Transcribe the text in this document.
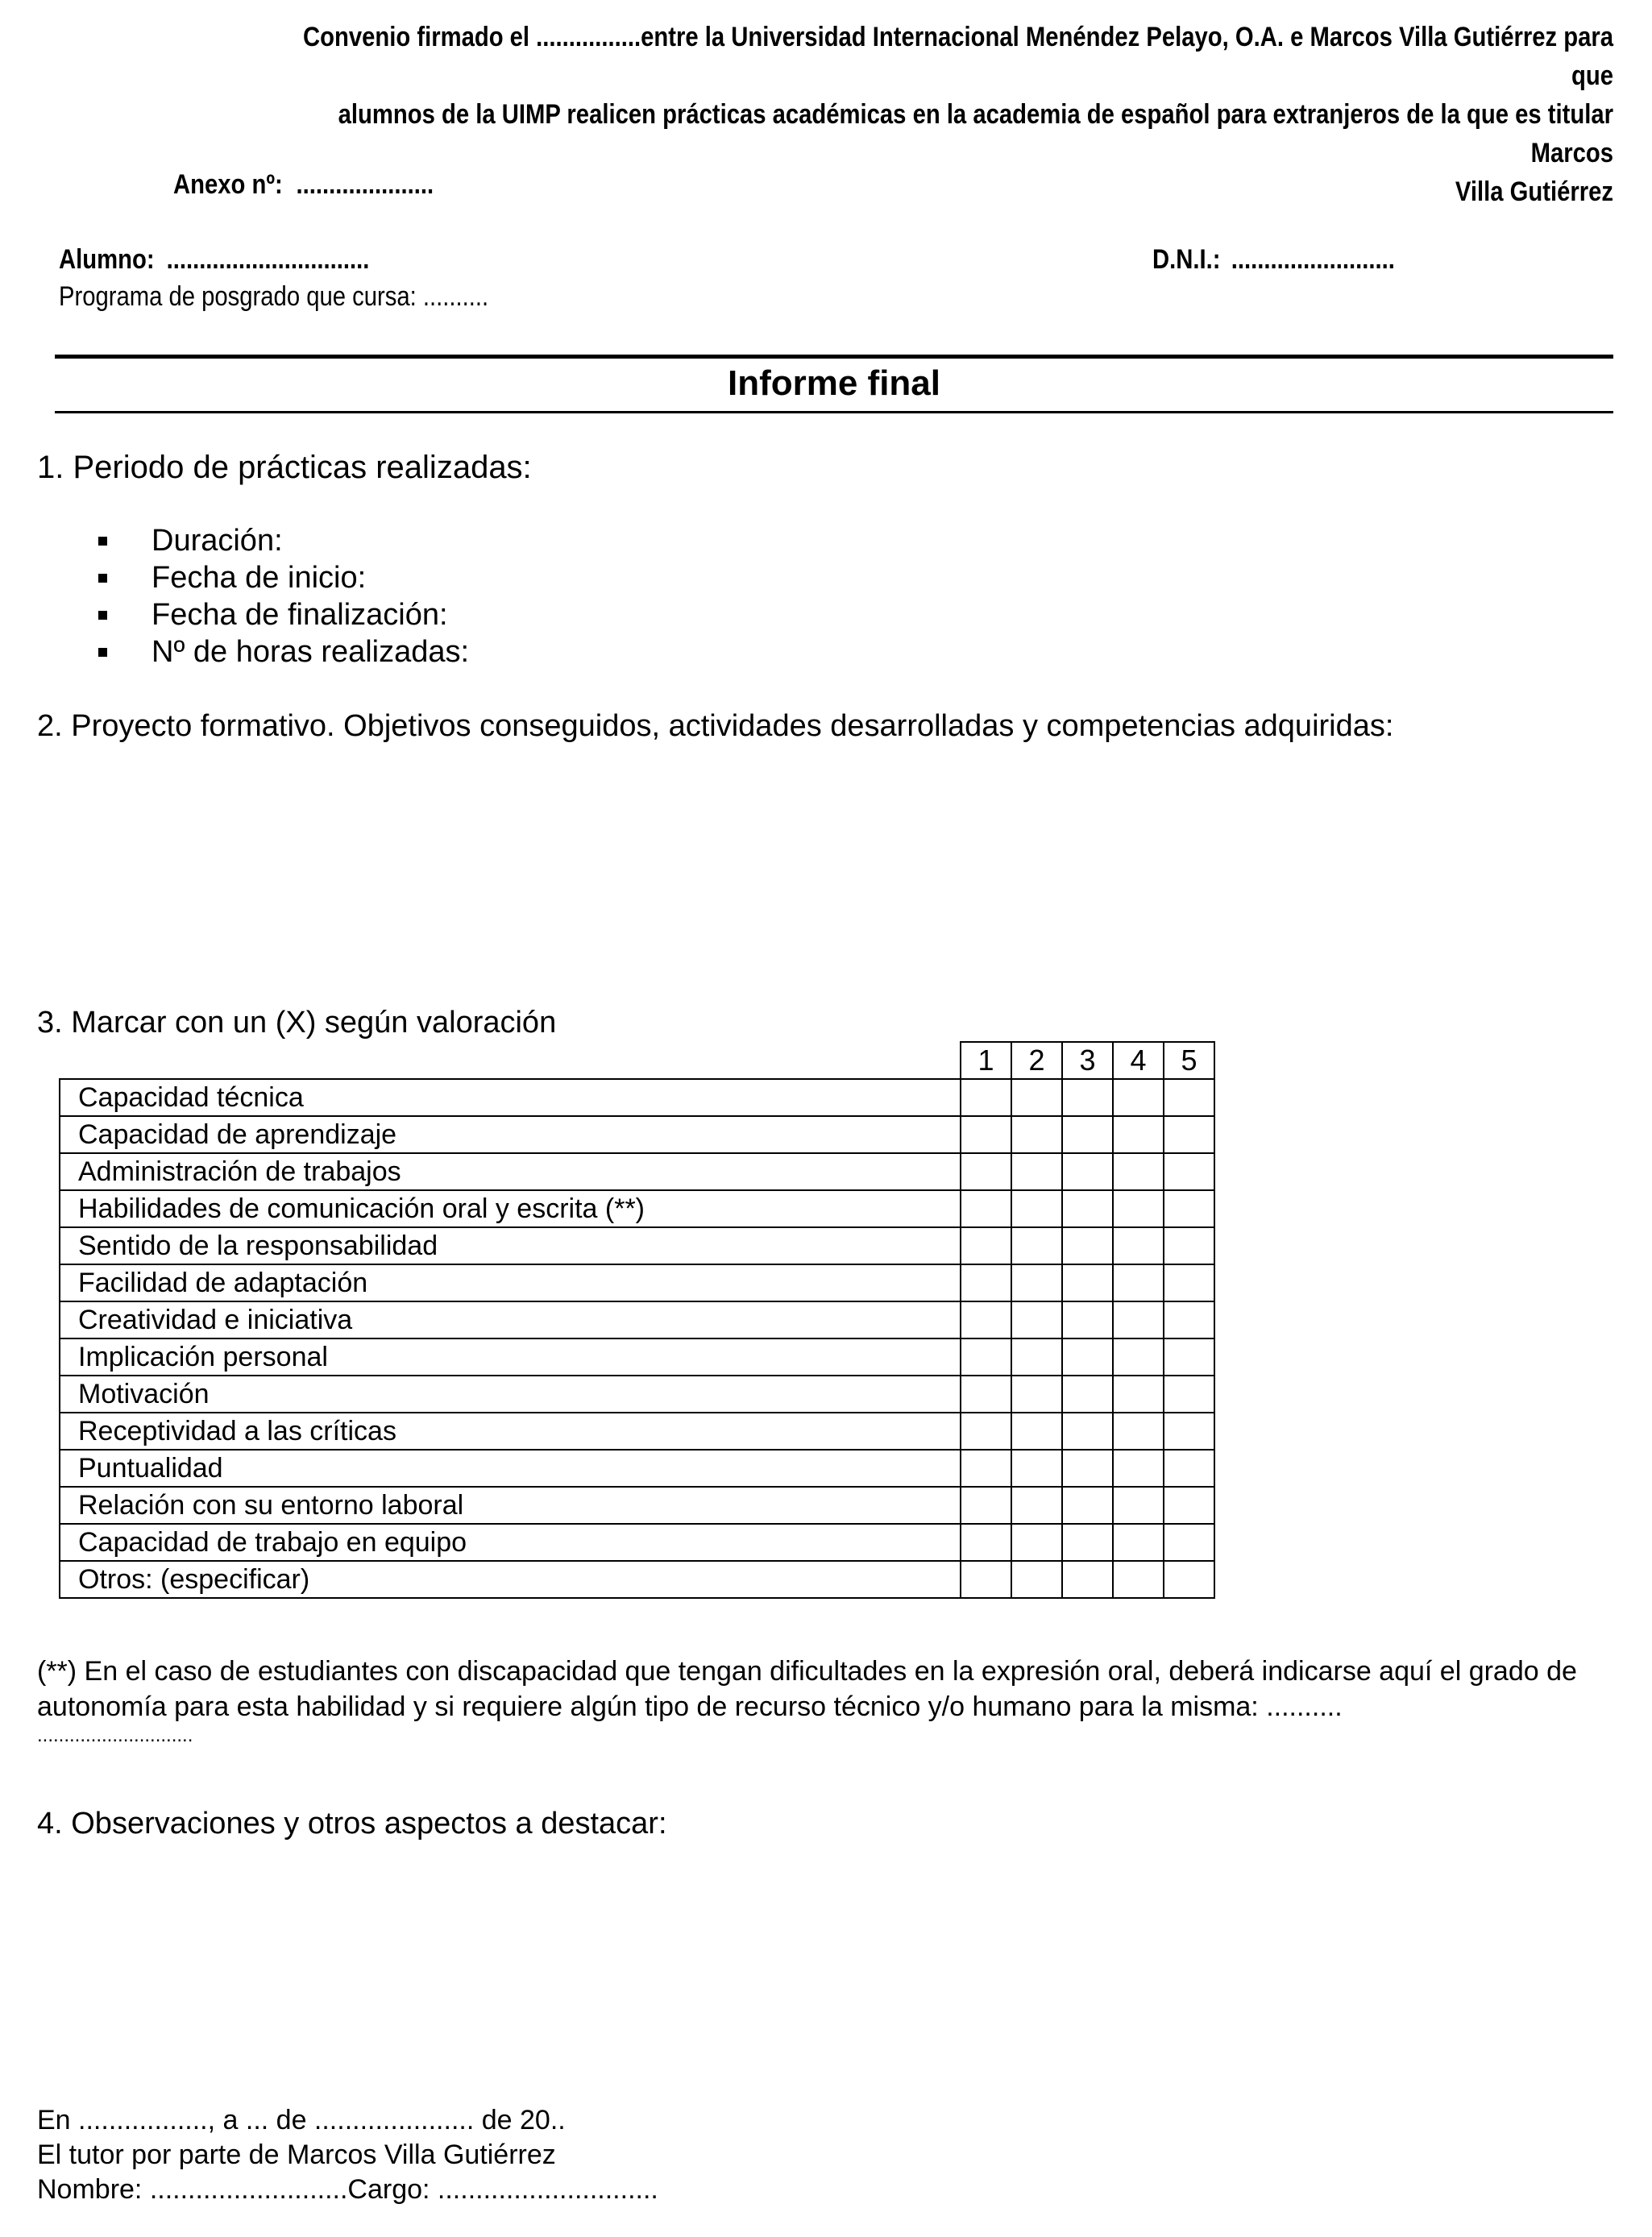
Convenio firmado el ................entre la Universidad Internacional Menéndez Pelayo, O.A. e Marcos Villa Gutiérrez para que
alumnos de la UIMP realicen prácticas académicas en la academia de español para extranjeros de la que es titular Marcos
Villa Gutiérrez
Anexo nº: .....................
Alumno: ...............................	D.N.I.: .........................
Programa de posgrado que cursa: ..........
Informe final
1. Periodo de prácticas realizadas:
Duración:
Fecha de inicio:
Fecha de finalización:
Nº de horas realizadas:
2. Proyecto formativo. Objetivos conseguidos, actividades desarrolladas y competencias adquiridas:
3. Marcar con un (X) según valoración
	1	2	3	4	5
Capacidad técnica					
Capacidad de aprendizaje					
Administración de trabajos					
Habilidades de comunicación oral y escrita (**)					
Sentido de la responsabilidad					
Facilidad de adaptación					
Creatividad e iniciativa					
Implicación personal					
Motivación					
Receptividad a las críticas					
Puntualidad					
Relación con su entorno laboral					
Capacidad de trabajo en equipo					
Otros: (especificar)					
(**) En el caso de estudiantes con discapacidad que tengan dificultades en la expresión oral, deberá indicarse aquí el grado de autonomía para esta habilidad y si requiere algún tipo de recurso técnico y/o humano para la misma: ..........
.............................
4. Observaciones y otros aspectos a destacar:
En ................., a ... de ..................... de 20..
El tutor por parte de Marcos Villa Gutiérrez
Nombre: ..........................Cargo: .............................
